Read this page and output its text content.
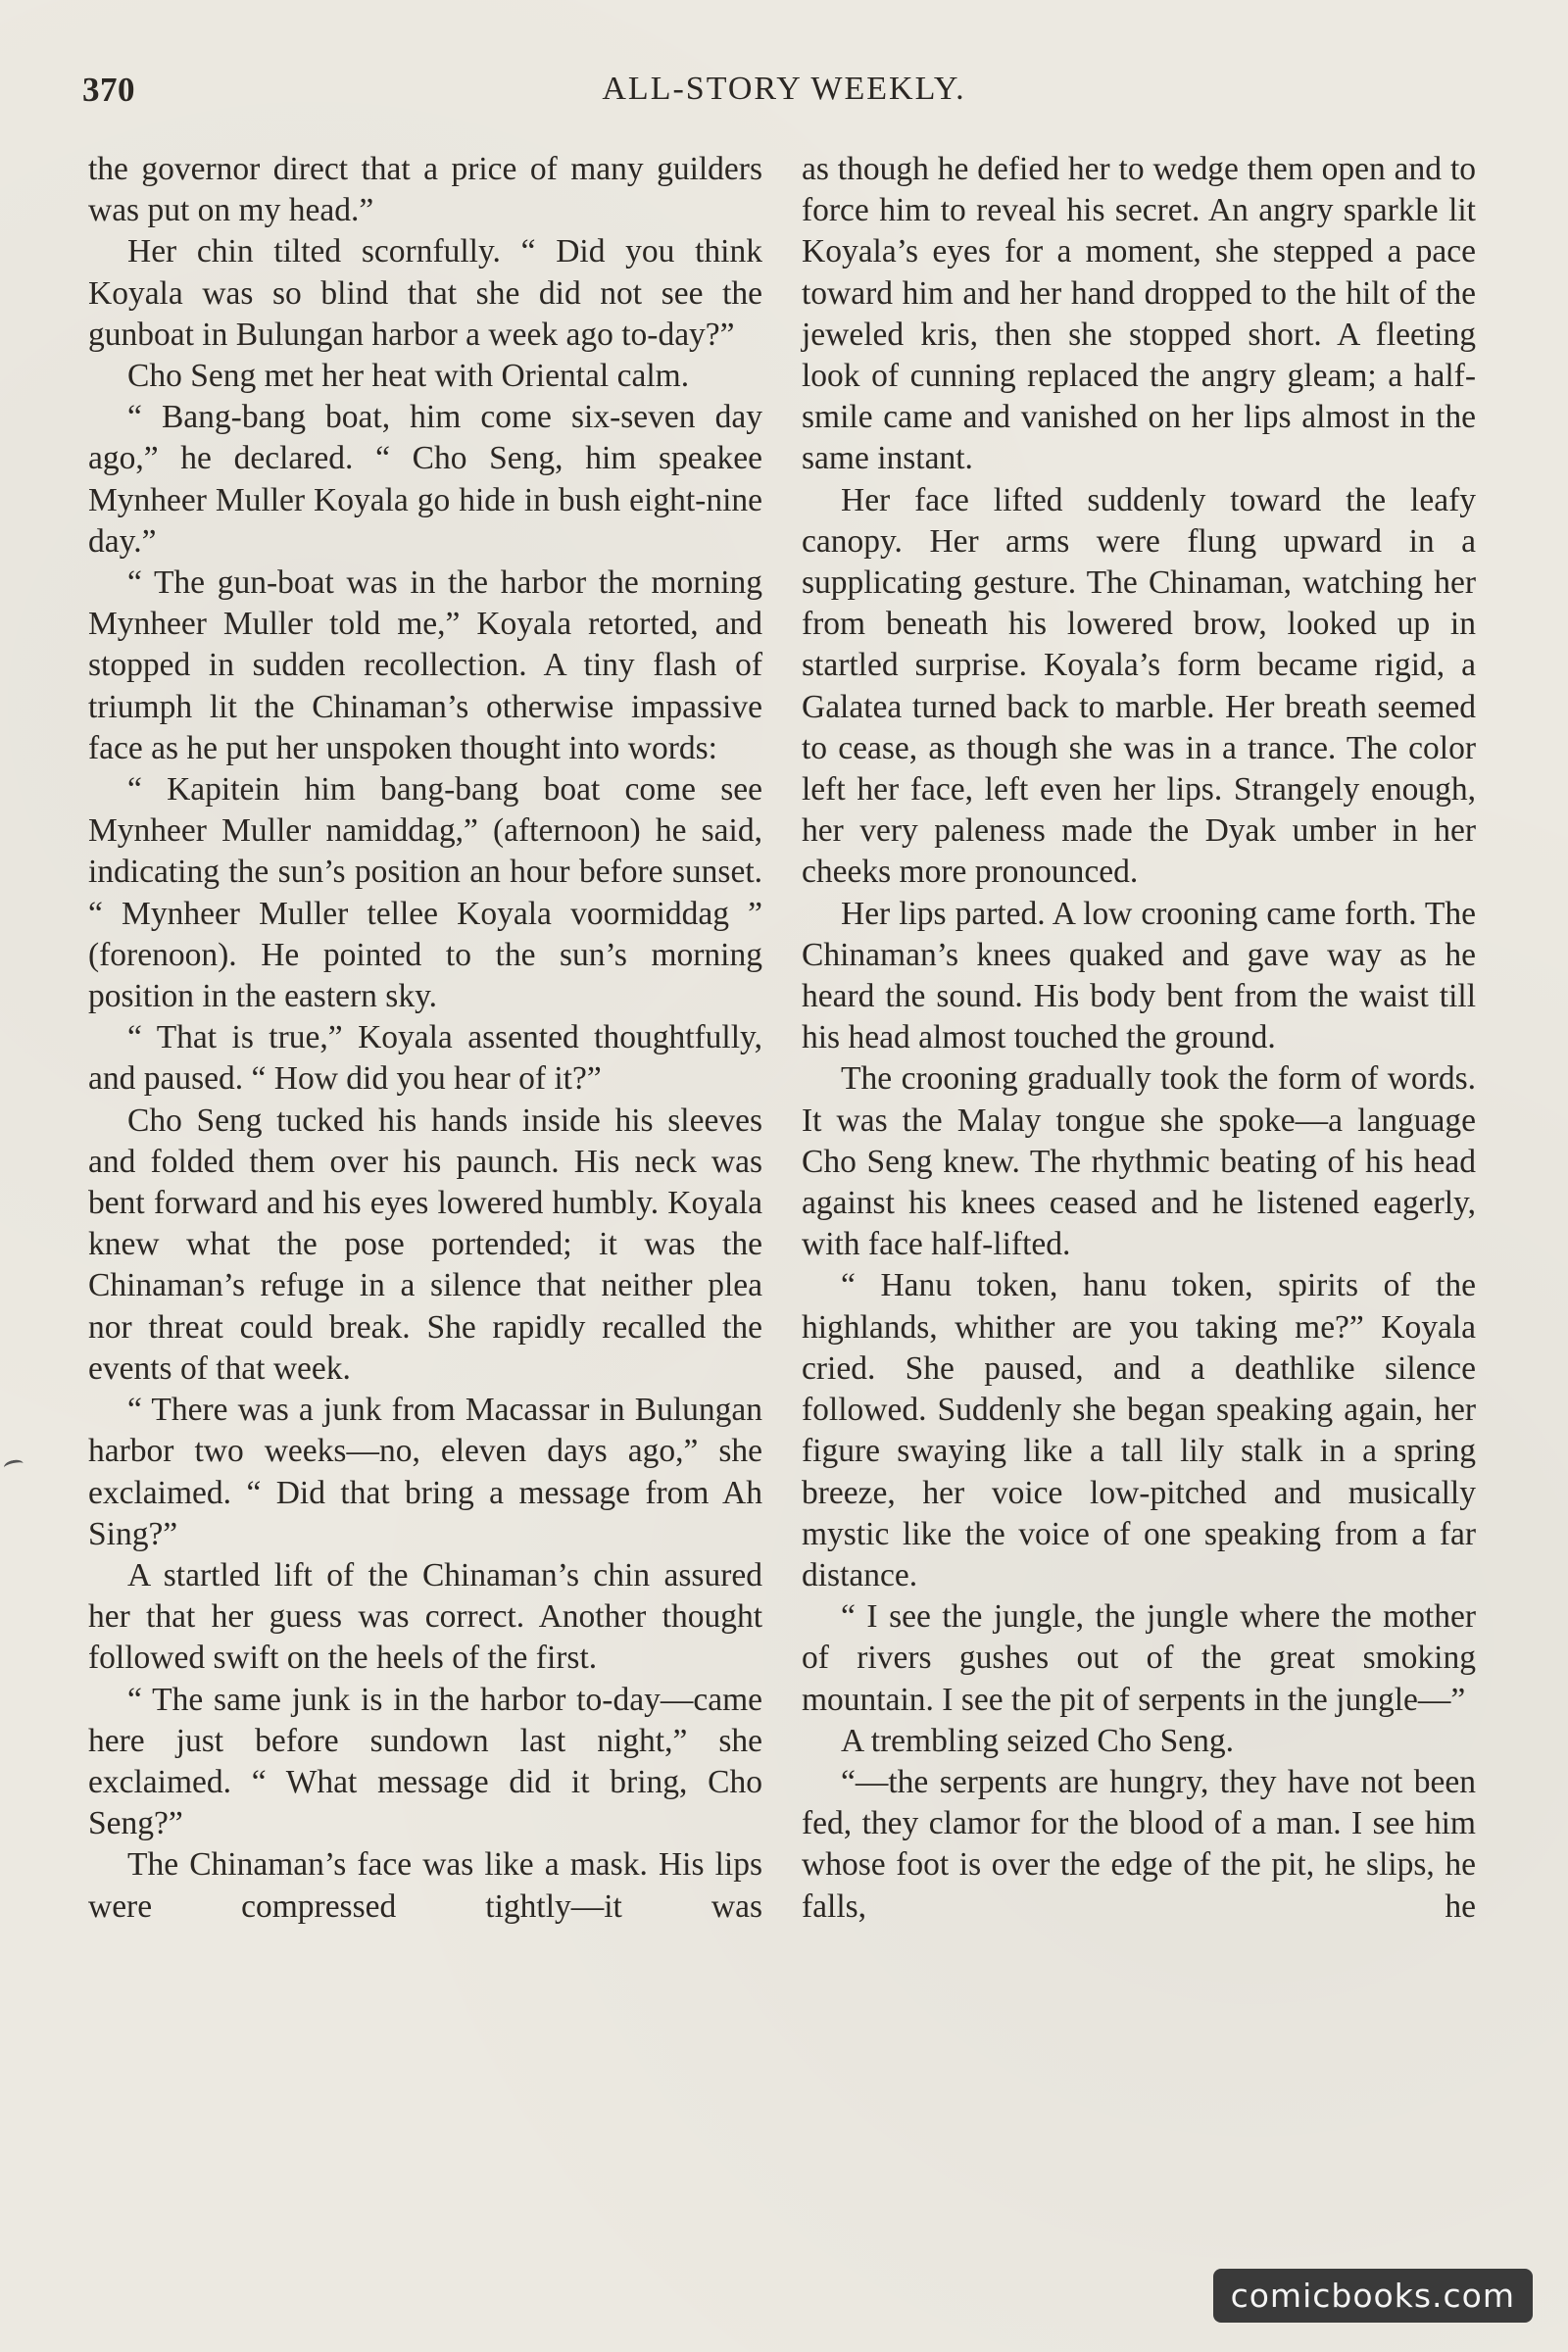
370	ALL-STORY WEEKLY.

the governor direct that a price of many guilders was put on my head.”

Her chin tilted scornfully. “ Did you think Koyala was so blind that she did not see the gunboat in Bulungan harbor a week ago to-day?”

Cho Seng met her heat with Oriental calm.

“ Bang-bang boat, him come six-seven day ago,” he declared. “ Cho Seng, him speakee Mynheer Muller Koyala go hide in bush eight-nine day.”

“ The gun-boat was in the harbor the morning Mynheer Muller told me,” Koyala retorted, and stopped in sudden recollection. A tiny flash of triumph lit the Chinaman’s otherwise impassive face as he put her unspoken thought into words:

“ Kapitein him bang-bang boat come see Mynheer Muller namiddag,” (afternoon) he said, indicating the sun’s position an hour before sunset. “ Mynheer Muller tellee Koyala voormiddag ” (forenoon). He pointed to the sun’s morning position in the eastern sky.

“ That is true,” Koyala assented thoughtfully, and paused. “ How did you hear of it?”

Cho Seng tucked his hands inside his sleeves and folded them over his paunch. His neck was bent forward and his eyes lowered humbly. Koyala knew what the pose portended; it was the Chinaman’s refuge in a silence that neither plea nor threat could break. She rapidly recalled the events of that week.

“ There was a junk from Macassar in Bulungan harbor two weeks—no, eleven days ago,” she exclaimed. “ Did that bring a message from Ah Sing?”

A startled lift of the Chinaman’s chin assured her that her guess was correct. Another thought followed swift on the heels of the first.

“ The same junk is in the harbor to-day—came here just before sundown last night,” she exclaimed. “ What message did it bring, Cho Seng?”

The Chinaman’s face was like a mask. His lips were compressed tightly—it was

as though he defied her to wedge them open and to force him to reveal his secret. An angry sparkle lit Koyala’s eyes for a moment, she stepped a pace toward him and her hand dropped to the hilt of the jeweled kris, then she stopped short. A fleeting look of cunning replaced the angry gleam; a half-smile came and vanished on her lips almost in the same instant.

Her face lifted suddenly toward the leafy canopy. Her arms were flung upward in a supplicating gesture. The Chinaman, watching her from beneath his lowered brow, looked up in startled surprise. Koyala’s form became rigid, a Galatea turned back to marble. Her breath seemed to cease, as though she was in a trance. The color left her face, left even her lips. Strangely enough, her very paleness made the Dyak umber in her cheeks more pronounced.

Her lips parted. A low crooning came forth. The Chinaman’s knees quaked and gave way as he heard the sound. His body bent from the waist till his head almost touched the ground.

The crooning gradually took the form of words. It was the Malay tongue she spoke—a language Cho Seng knew. The rhythmic beating of his head against his knees ceased and he listened eagerly, with face half-lifted.

“ Hanu token, hanu token, spirits of the highlands, whither are you taking me?” Koyala cried. She paused, and a deathlike silence followed. Suddenly she began speaking again, her figure swaying like a tall lily stalk in a spring breeze, her voice low-pitched and musically mystic like the voice of one speaking from a far distance.

“ I see the jungle, the jungle where the mother of rivers gushes out of the great smoking mountain. I see the pit of serpents in the jungle—”

A trembling seized Cho Seng.

“—the serpents are hungry, they have not been fed, they clamor for the blood of a man. I see him whose foot is over the edge of the pit, he slips, he falls, he

comicbooks.com
